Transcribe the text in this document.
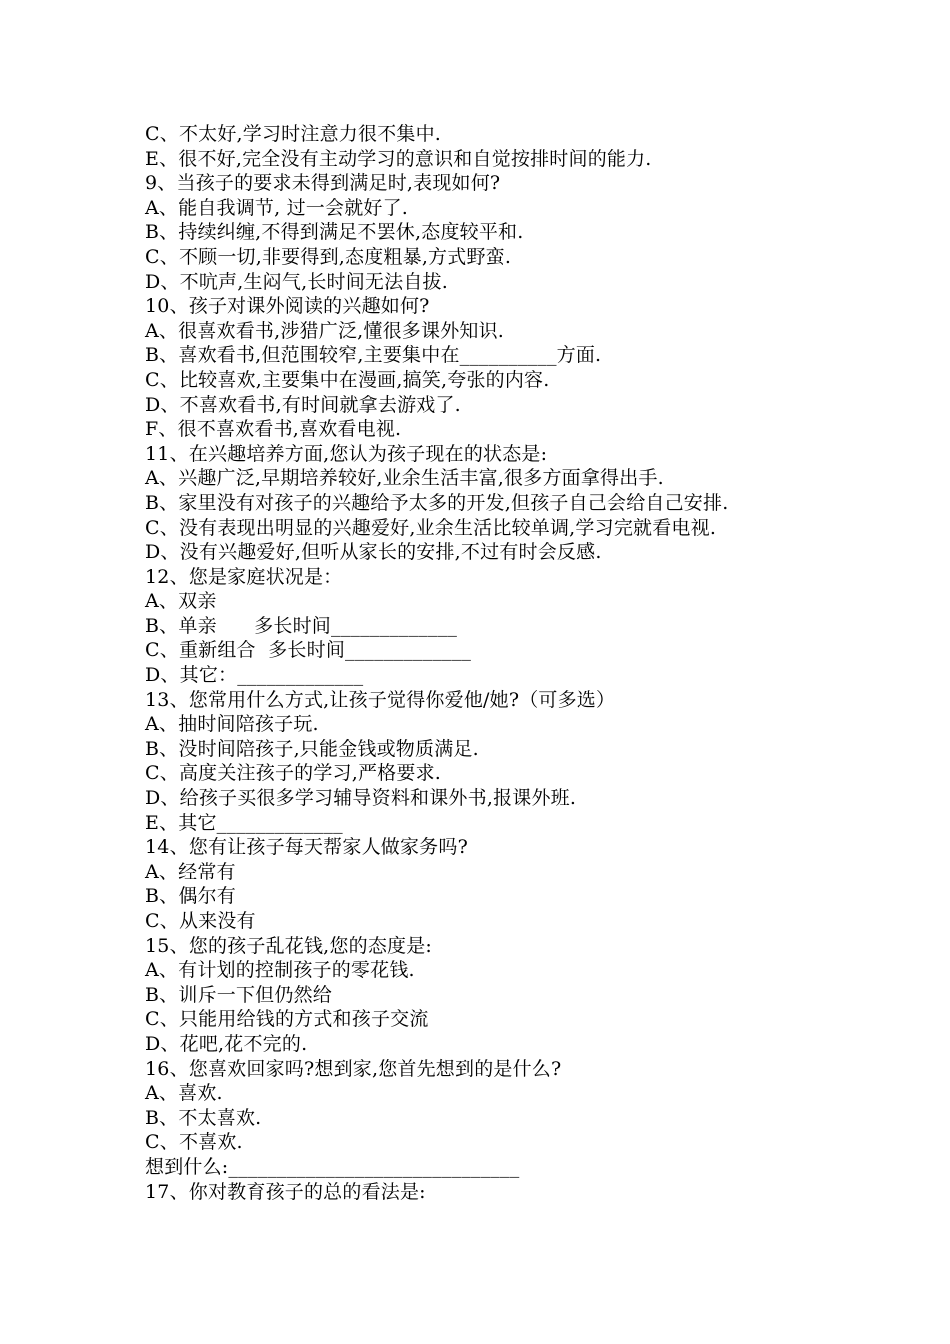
C、不太好,学习时注意力很不集中.
E、很不好,完全没有主动学习的意识和自觉按排时间的能力.
9、当孩子的要求未得到满足时,表现如何?
A、能自我调节, 过一会就好了.
B、持续纠缠,不得到满足不罢休,态度较平和.
C、不顾一切,非要得到,态度粗暴,方式野蛮.
D、不吭声,生闷气,长时间无法自拔.
10、孩子对课外阅读的兴趣如何?
A、很喜欢看书,涉猎广泛,懂很多课外知识.
B、喜欢看书,但范围较窄,主要集中在__________方面.
C、比较喜欢,主要集中在漫画,搞笑,夸张的内容.
D、不喜欢看书,有时间就拿去游戏了.
F、很不喜欢看书,喜欢看电视.
11、在兴趣培养方面,您认为孩子现在的状态是:
A、兴趣广泛,早期培养较好,业余生活丰富,很多方面拿得出手.
B、家里没有对孩子的兴趣给予太多的开发,但孩子自己会给自己安排.
C、没有表现出明显的兴趣爱好,业余生活比较单调,学习完就看电视.
D、没有兴趣爱好,但听从家长的安排,不过有时会反感.
12、您是家庭状况是：
A、双亲
B、单亲      多长时间_____________
C、重新组合  多长时间_____________
D、其它：_____________
13、您常用什么方式,让孩子觉得你爱他/她?（可多选）
A、抽时间陪孩子玩.
B、没时间陪孩子,只能金钱或物质满足.
C、高度关注孩子的学习,严格要求.
D、给孩子买很多学习辅导资料和课外书,报课外班.
E、其它_____________
14、您有让孩子每天帮家人做家务吗?
A、经常有
B、偶尔有
C、从来没有
15、您的孩子乱花钱,您的态度是:
A、有计划的控制孩子的零花钱.
B、训斥一下但仍然给
C、只能用给钱的方式和孩子交流
D、花吧,花不完的.
16、您喜欢回家吗?想到家,您首先想到的是什么?
A、喜欢.
B、不太喜欢.
C、不喜欢.
想到什么:______________________________
17、你对教育孩子的总的看法是:
